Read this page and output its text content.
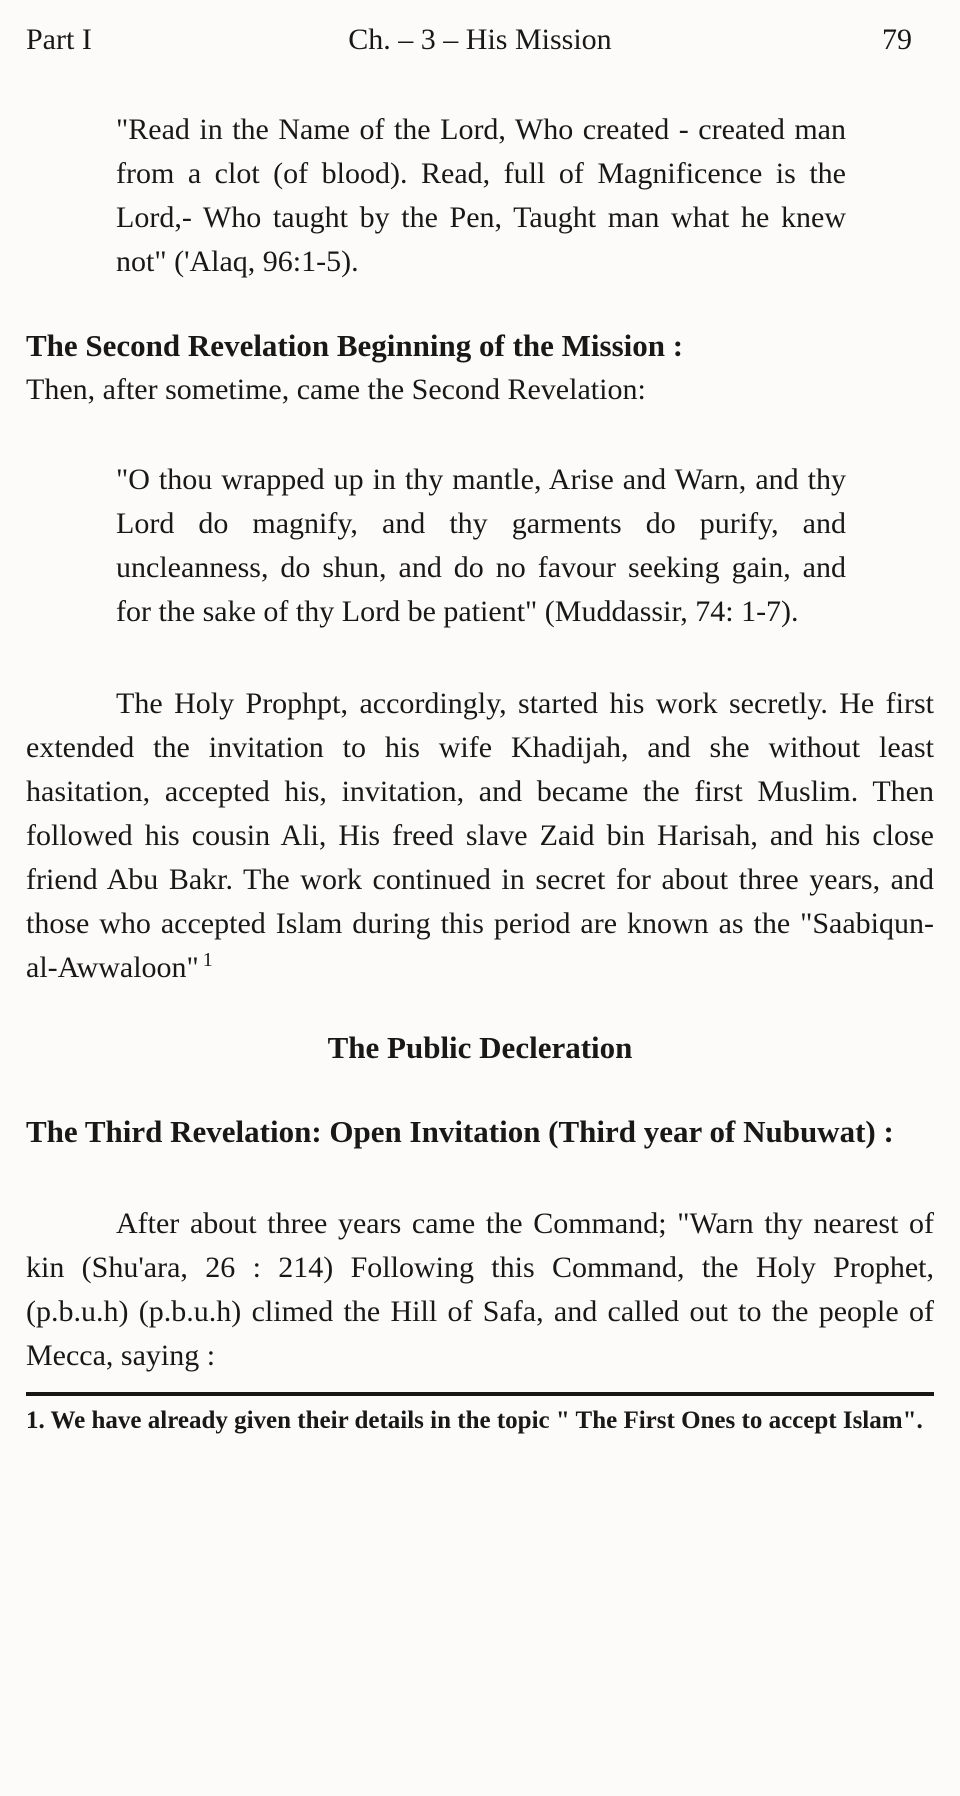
Part I	Ch. – 3 – His Mission	79
"Read in the Name of the Lord, Who created - created man from a clot (of blood). Read, full of Magnificence is the Lord,- Who taught by the Pen, Taught man what he knew not" ('Alaq, 96:1-5).
The Second Revelation Beginning of the Mission :

Then, after sometime, came the Second Revelation:

"O thou wrapped up in thy mantle, Arise and Warn, and thy Lord do magnify, and thy garments do purify, and uncleanness, do shun, and do no favour seeking gain, and for the sake of thy Lord be patient" (Muddassir, 74: 1-7).

The Holy Prophpt, accordingly, started his work secretly. He first extended the invitation to his wife Khadijah, and she without least hasitation, accepted his, invitation, and became the first Muslim. Then followed his cousin Ali, His freed slave Zaid bin Harisah, and his close friend Abu Bakr. The work continued in secret for about three years, and those who accepted Islam during this period are known as the "Saabiqun-al-Awwaloon" $^1$

The Public Decleration
The Third Revelation: Open Invitation (Third year of Nubuwat) :

After about three years came the Command; "Warn thy nearest of kin (Shu'ara, 26 : 214) Following this Command, the Holy Prophet, (p.b.u.h) (p.b.u.h) climed the Hill of Safa, and called out to the people of Mecca, saying :

1. We have already given their details in the topic " The First Ones to accept Islam".
